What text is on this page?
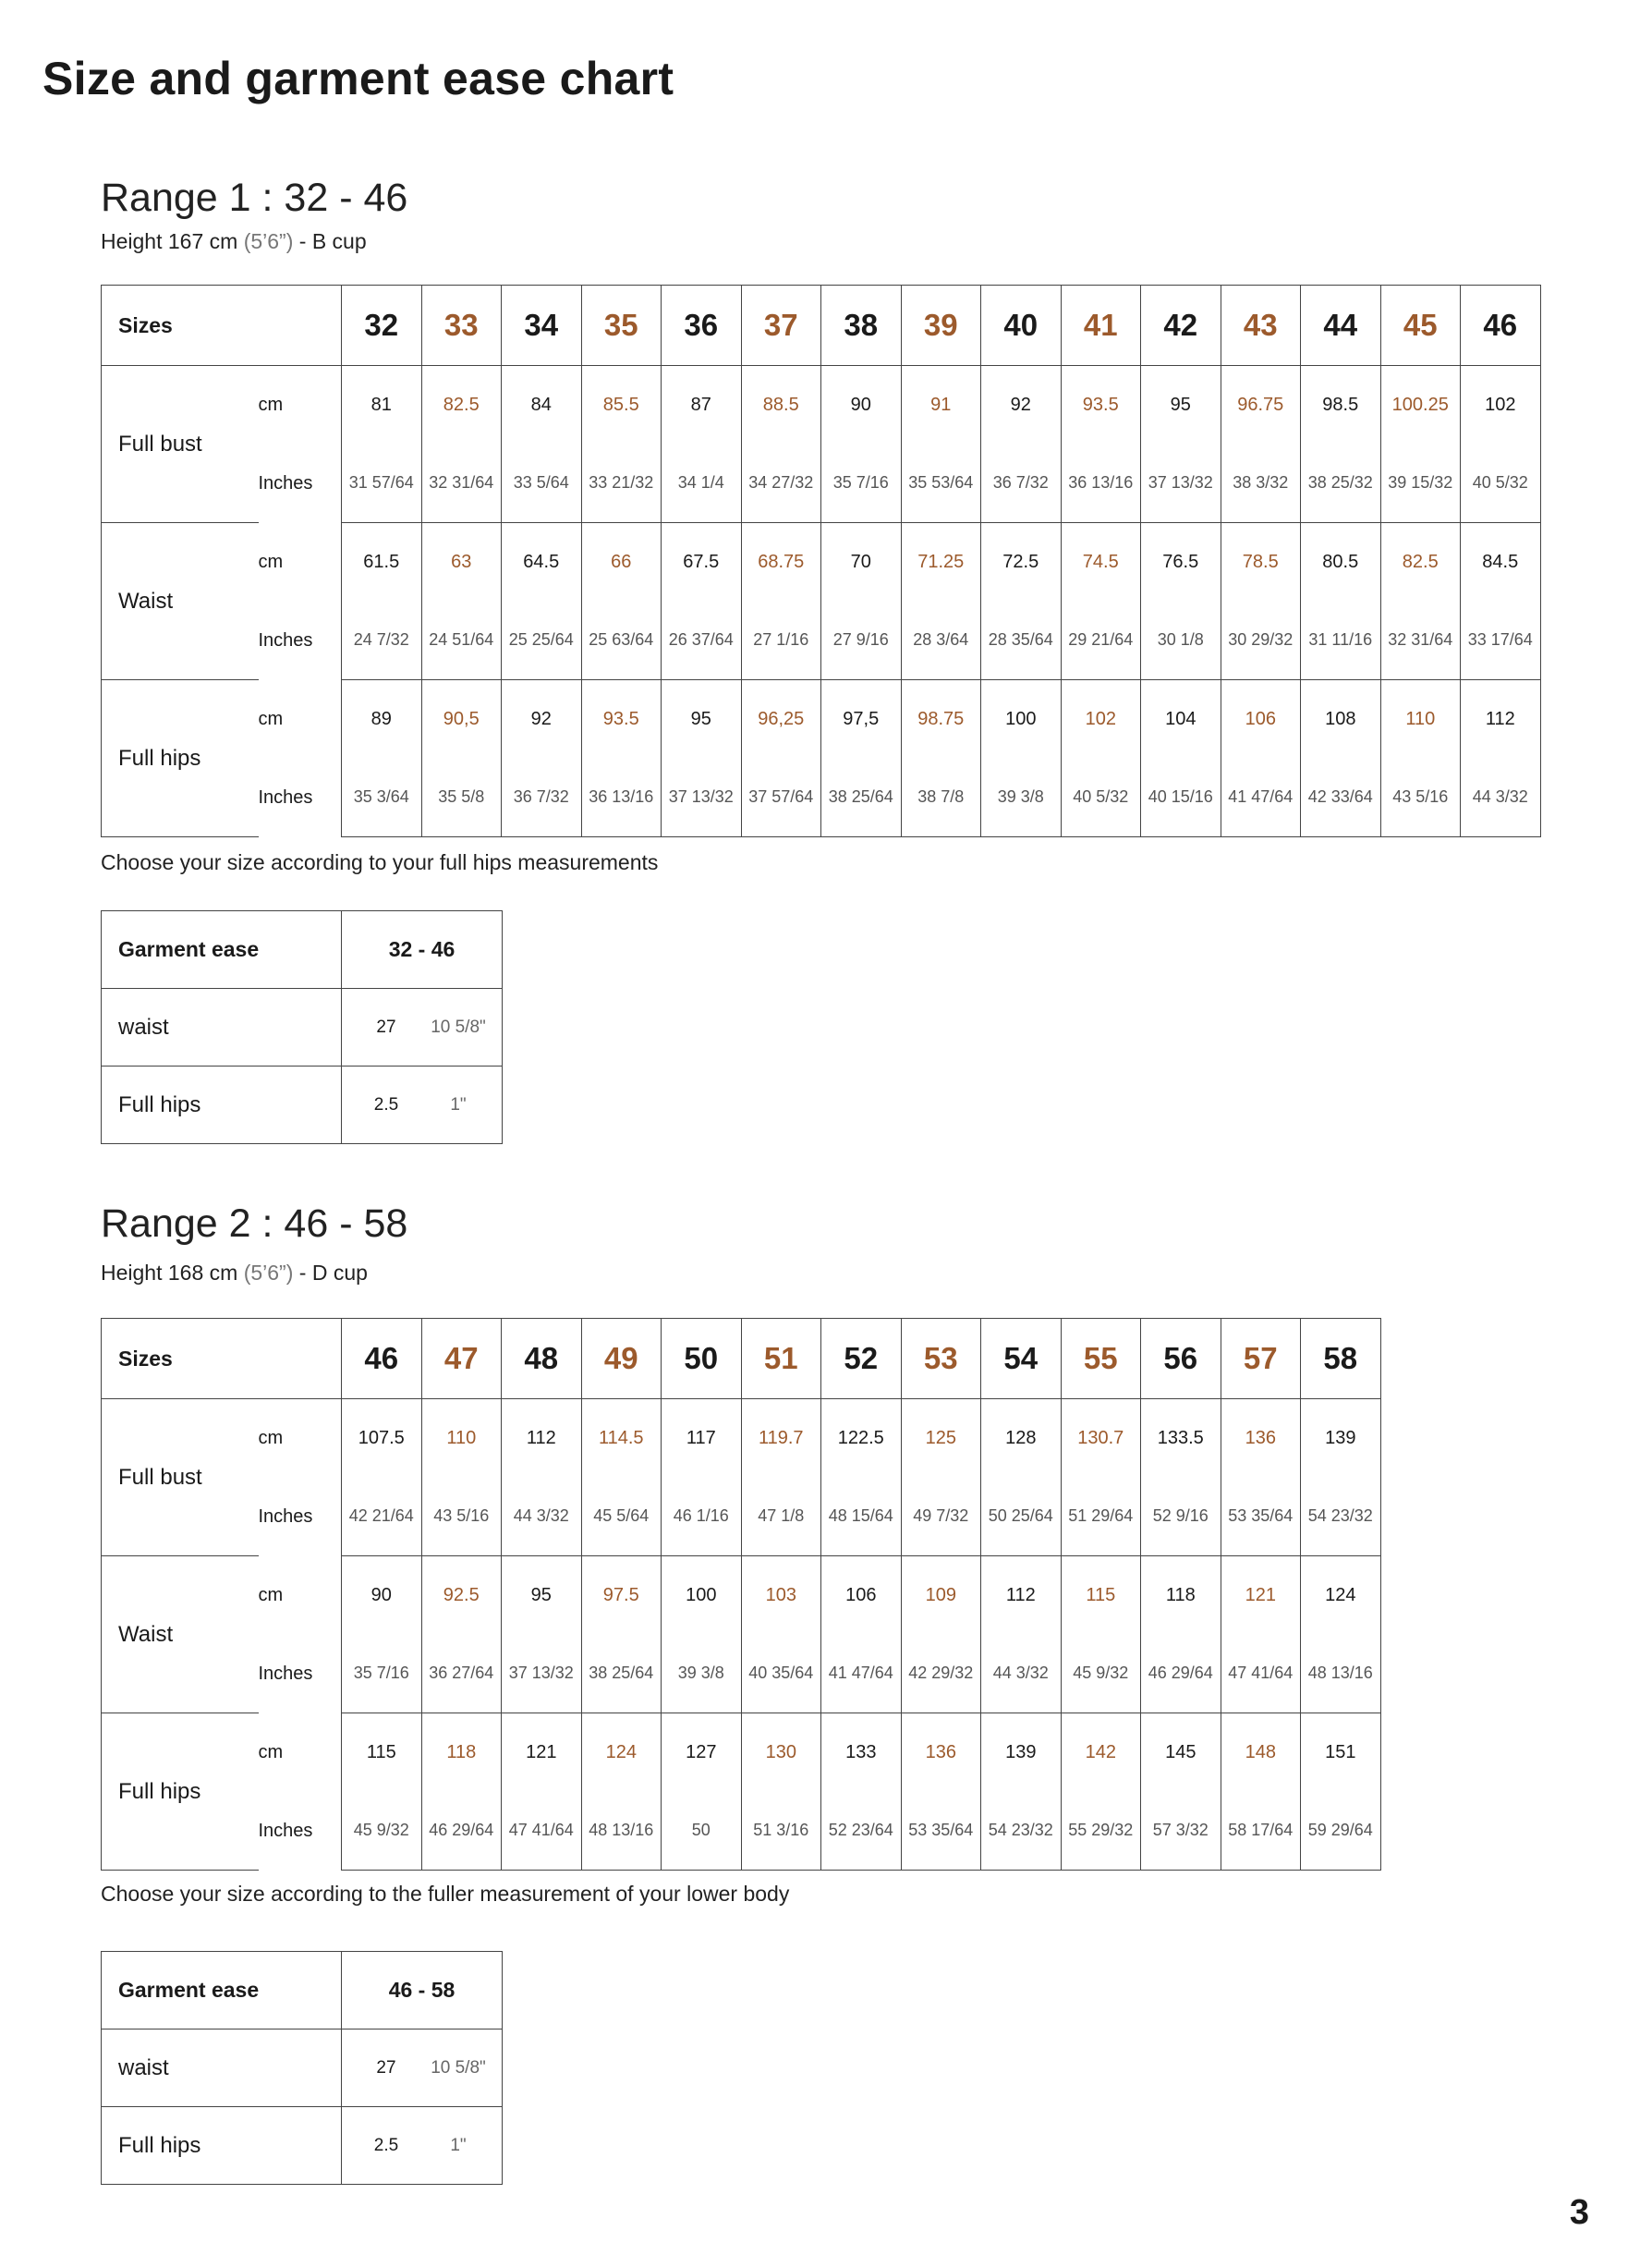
Size and garment ease chart
Range 1 : 32 - 46
Height 167 cm (5’6”) - B cup
Sizes		32	33	34	35	36	37	38	39	40	41	42	43	44	45	46
Full bust	cm	81	82.5	84	85.5	87	88.5	90	91	92	93.5	95	96.75	98.5	100.25	102
	Inches	31 57/64	32 31/64	33 5/64	33 21/32	34 1/4	34 27/32	35 7/16	35 53/64	36 7/32	36 13/16	37 13/32	38 3/32	38 25/32	39 15/32	40 5/32
Waist	cm	61.5	63	64.5	66	67.5	68.75	70	71.25	72.5	74.5	76.5	78.5	80.5	82.5	84.5
	Inches	24 7/32	24 51/64	25 25/64	25 63/64	26 37/64	27 1/16	27 9/16	28 3/64	28 35/64	29 21/64	30 1/8	30 29/32	31 11/16	32 31/64	33 17/64
Full hips	cm	89	90,5	92	93.5	95	96,25	97,5	98.75	100	102	104	106	108	110	112
	Inches	35 3/64	35 5/8	36 7/32	36 13/16	37 13/32	37 57/64	38 25/64	38 7/8	39 3/8	40 5/32	40 15/16	41 47/64	42 33/64	43 5/16	44 3/32
Choose your size according to your full hips measurements
Garment ease	32 - 46
waist	27 10 5/8"
Full hips	2.5 1"
Range 2 : 46 - 58
Height 168 cm (5’6”) - D cup
Sizes		46	47	48	49	50	51	52	53	54	55	56	57	58
Full bust	cm	107.5	110	112	114.5	117	119.7	122.5	125	128	130.7	133.5	136	139
	Inches	42 21/64	43 5/16	44 3/32	45 5/64	46 1/16	47 1/8	48 15/64	49 7/32	50 25/64	51 29/64	52 9/16	53 35/64	54 23/32
Waist	cm	90	92.5	95	97.5	100	103	106	109	112	115	118	121	124
	Inches	35 7/16	36 27/64	37 13/32	38 25/64	39 3/8	40 35/64	41 47/64	42 29/32	44 3/32	45 9/32	46 29/64	47 41/64	48 13/16
Full hips	cm	115	118	121	124	127	130	133	136	139	142	145	148	151
	Inches	45 9/32	46 29/64	47 41/64	48 13/16	50	51 3/16	52 23/64	53 35/64	54 23/32	55 29/32	57 3/32	58 17/64	59 29/64
Choose your size according to the fuller measurement of your lower body
Garment ease	46 - 58
waist	27 10 5/8"
Full hips	2.5 1"
3
